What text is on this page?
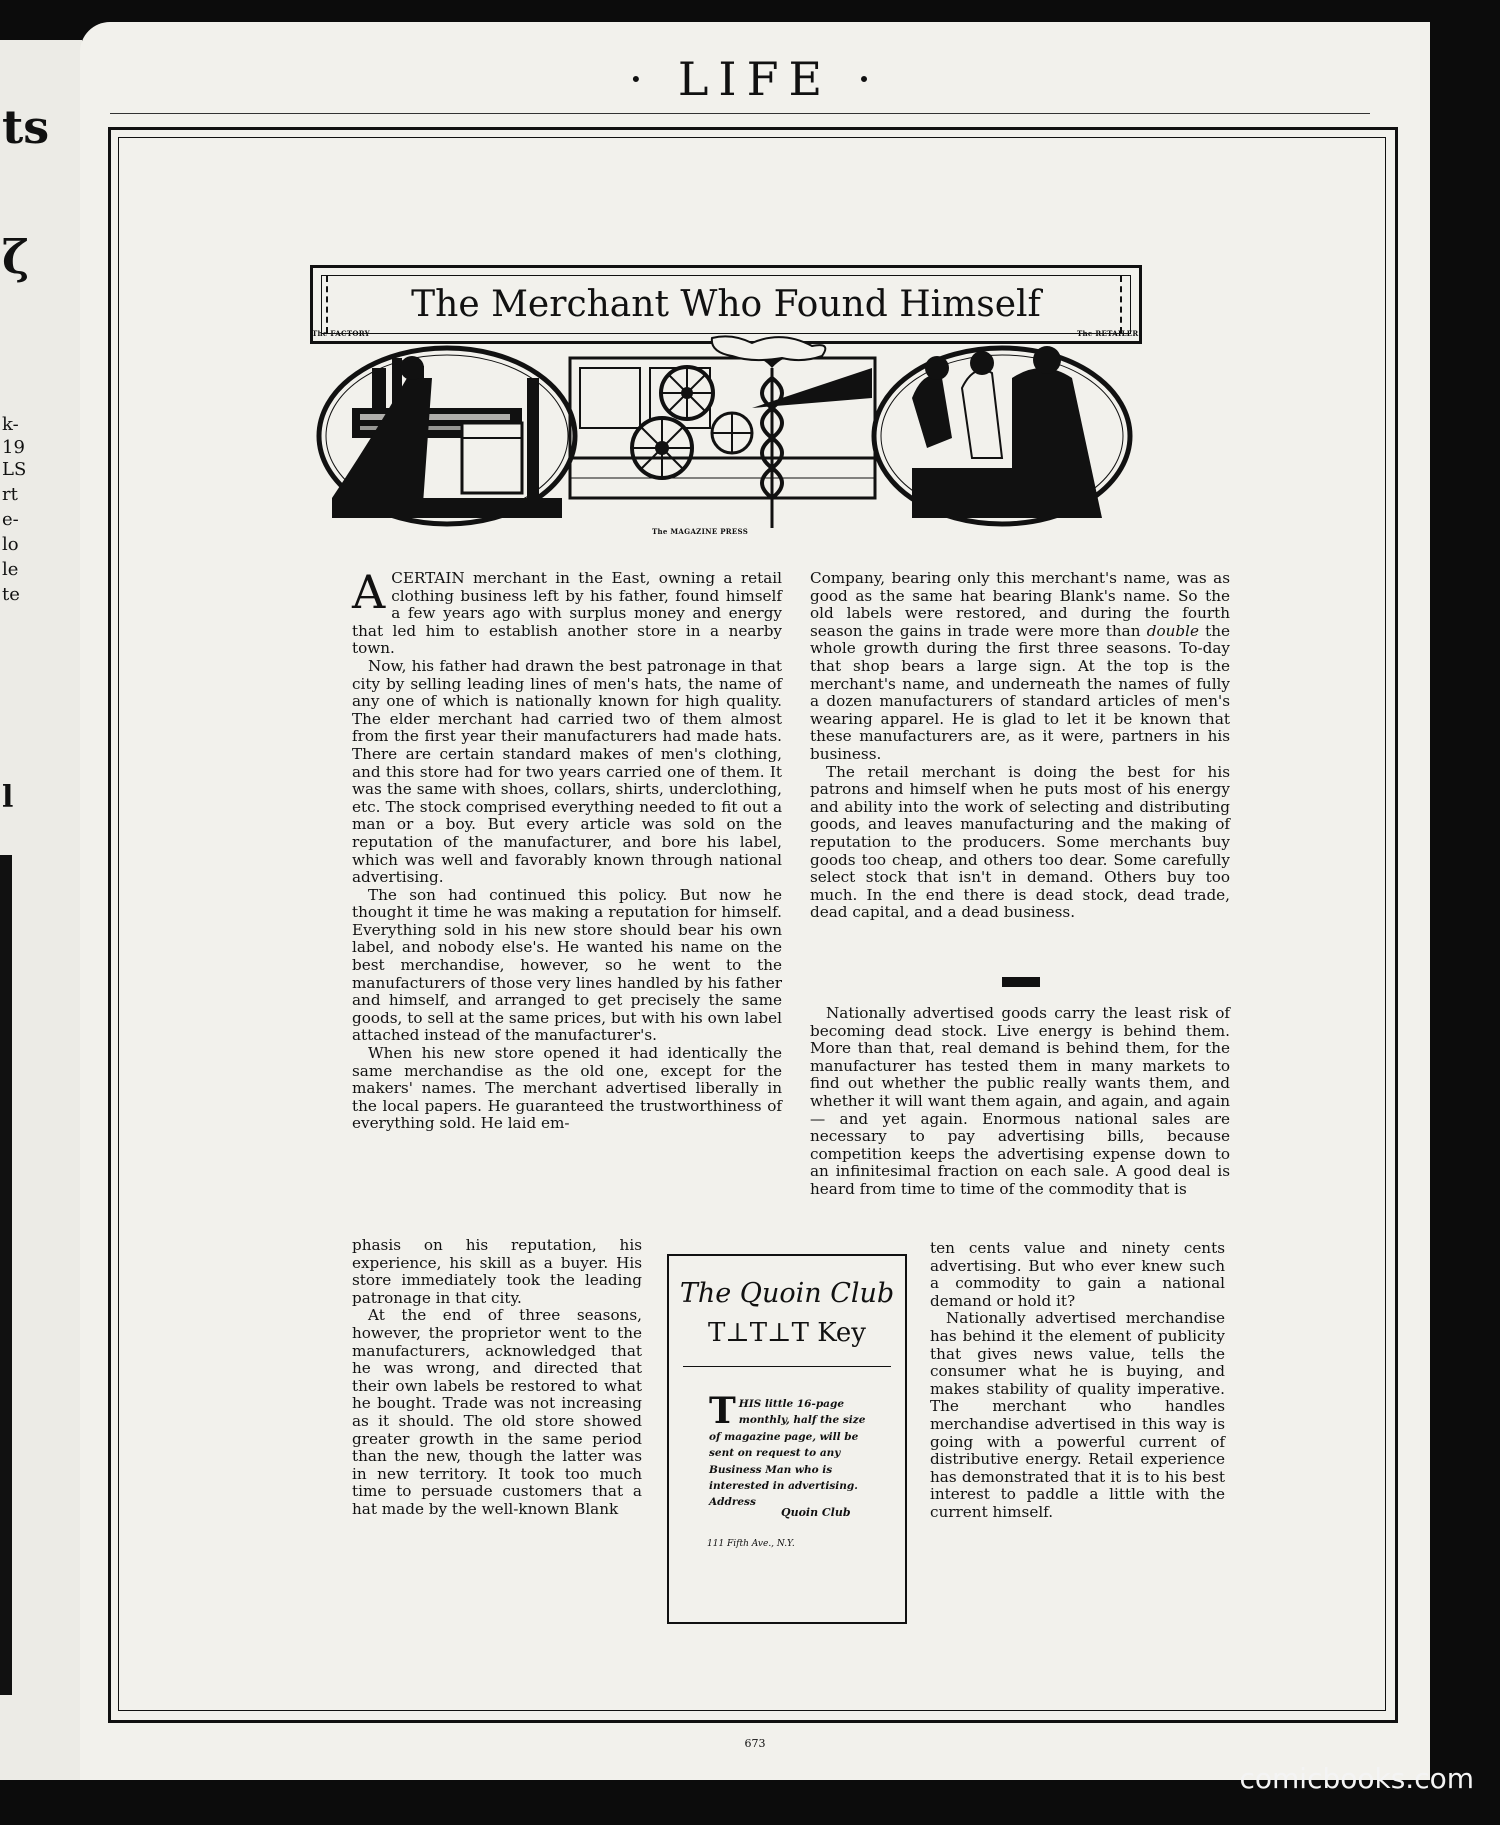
ts
ζ
k-
19
LS
rt
e-
lo
le
te
l
· LIFE ·
The Merchant Who Found Himself
The FACTORY	The RETAILER
The MAGAZINE PRESS

ACERTAIN merchant in the East, owning a retail clothing business left by his father, found himself a few years ago with surplus money and energy that led him to establish another store in a nearby town.

Now, his father had drawn the best patronage in that city by selling leading lines of men's hats, the name of any one of which is nationally known for high quality. The elder merchant had carried two of them almost from the first year their manufacturers had made hats. There are certain standard makes of men's clothing, and this store had for two years carried one of them. It was the same with shoes, collars, shirts, underclothing, etc. The stock comprised everything needed to fit out a man or a boy. But every article was sold on the reputation of the manufacturer, and bore his label, which was well and favorably known through national advertising.

The son had continued this policy. But now he thought it time he was making a reputation for himself. Everything sold in his new store should bear his own label, and nobody else's. He wanted his name on the best merchandise, however, so he went to the manufacturers of those very lines handled by his father and himself, and arranged to get precisely the same goods, to sell at the same prices, but with his own label attached instead of the manufacturer's.

When his new store opened it had identically the same merchandise as the old one, except for the makers' names. The merchant advertised liberally in the local papers. He guaranteed the trustworthiness of everything sold. He laid em-

phasis on his reputation, his experience, his skill as a buyer. His store immediately took the leading patronage in that city.

At the end of three seasons, however, the proprietor went to the manufacturers, acknowledged that he was wrong, and directed that their own labels be restored to what he bought. Trade was not increasing as it should. The old store showed greater growth in the same period than the new, though the latter was in new territory. It took too much time to persuade customers that a hat made by the well-known Blank

Company, bearing only this merchant's name, was as good as the same hat bearing Blank's name. So the old labels were restored, and during the fourth season the gains in trade were more than double the whole growth during the first three seasons. To-day that shop bears a large sign. At the top is the merchant's name, and underneath the names of fully a dozen manufacturers of standard articles of men's wearing apparel. He is glad to let it be known that these manufacturers are, as it were, partners in his business.

The retail merchant is doing the best for his patrons and himself when he puts most of his energy and ability into the work of selecting and distributing goods, and leaves manufacturing and the making of reputation to the producers. Some merchants buy goods too cheap, and others too dear. Some carefully select stock that isn't in demand. Others buy too much. In the end there is dead stock, dead trade, dead capital, and a dead business.

Nationally advertised goods carry the least risk of becoming dead stock. Live energy is behind them. More than that, real demand is behind them, for the manufacturer has tested them in many markets to find out whether the public really wants them, and whether it will want them again, and again, and again — and yet again. Enormous national sales are necessary to pay advertising bills, because competition keeps the advertising expense down to an infinitesimal fraction on each sale. A good deal is heard from time to time of the commodity that is

ten cents value and ninety cents advertising. But who ever knew such a commodity to gain a national demand or hold it?

Nationally advertised merchandise has behind it the element of publicity that gives news value, tells the consumer what he is buying, and makes stability of quality imperative. The merchant who handles merchandise advertised in this way is going with a powerful current of distributive energy. Retail experience has demonstrated that it is to his best interest to paddle a little with the current himself.

The Quoin Club
T⊥T⊥T Key
THIS little 16-page monthly, half the size of magazine page, will be sent on request to any Business Man who is interested in advertising. Address
Quoin Club
111 Fifth Ave., N.Y.
673
comicbooks.com
